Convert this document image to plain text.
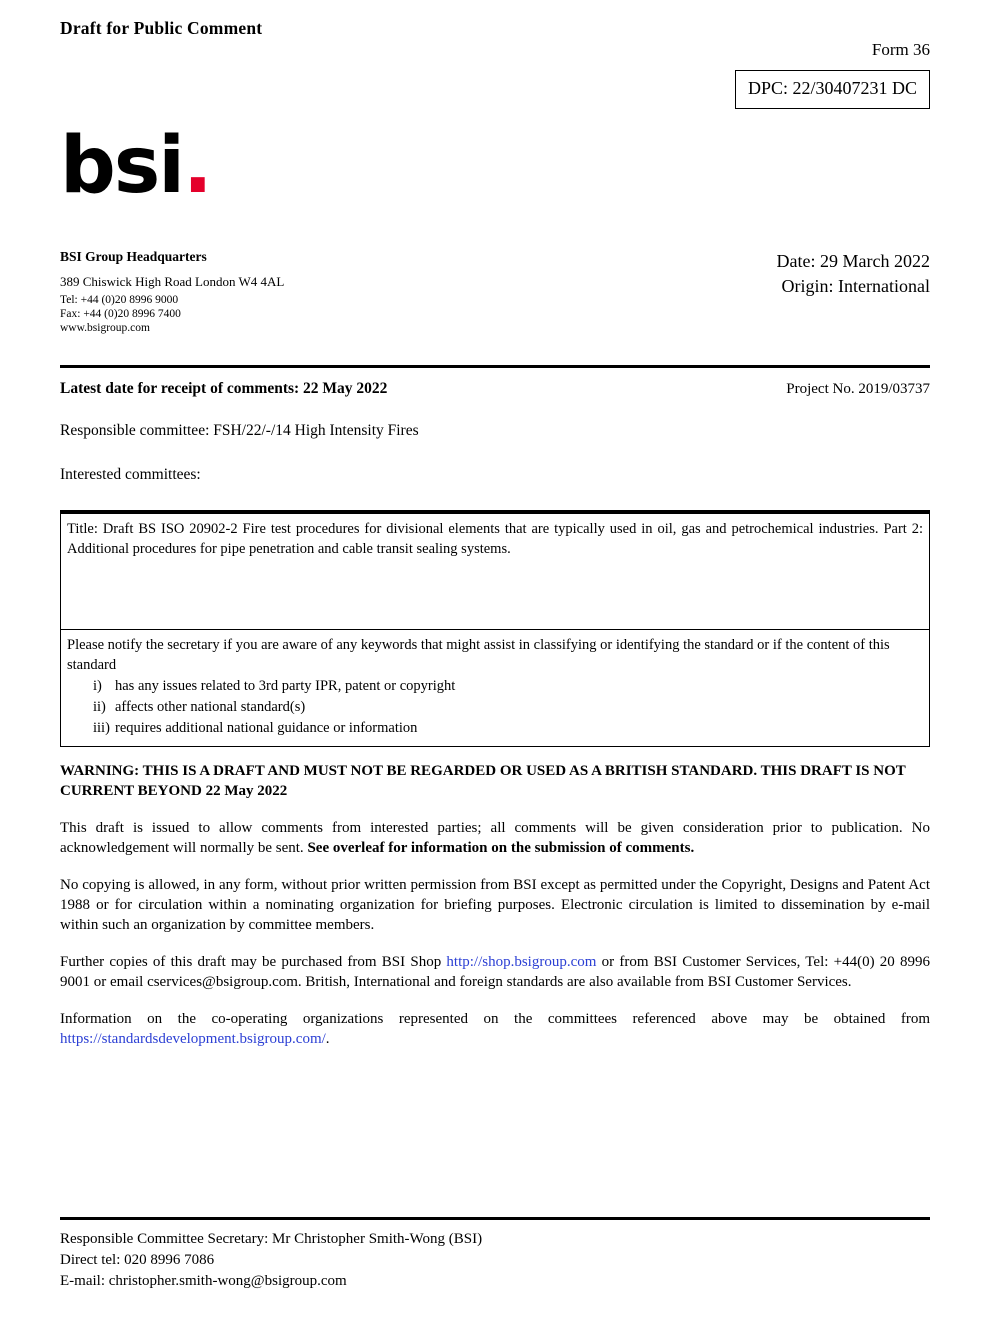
Draft for Public Comment
Form 36
DPC: 22/30407231 DC
bsi.
BSI Group Headquarters
389 Chiswick High Road London W4 4AL
Tel: +44 (0)20 8996 9000
Fax: +44 (0)20 8996 7400
www.bsigroup.com
Date: 29 March 2022
Origin: International
Latest date for receipt of comments: 22 May 2022	Project No. 2019/03737
Responsible committee: FSH/22/-/14 High Intensity Fires
Interested committees:
Title: Draft BS ISO 20902-2 Fire test procedures for divisional elements that are typically used in oil, gas and petrochemical industries. Part 2: Additional procedures for pipe penetration and cable transit sealing systems.
Please notify the secretary if you are aware of any keywords that might assist in classifying or identifying the standard or if the content of this standard
i) has any issues related to 3rd party IPR, patent or copyright
ii) affects other national standard(s)
iii) requires additional national guidance or information
WARNING: THIS IS A DRAFT AND MUST NOT BE REGARDED OR USED AS A BRITISH STANDARD. THIS DRAFT IS NOT CURRENT BEYOND 22 May 2022
This draft is issued to allow comments from interested parties; all comments will be given consideration prior to publication. No acknowledgement will normally be sent. See overleaf for information on the submission of comments.
No copying is allowed, in any form, without prior written permission from BSI except as permitted under the Copyright, Designs and Patent Act 1988 or for circulation within a nominating organization for briefing purposes. Electronic circulation is limited to dissemination by e-mail within such an organization by committee members.
Further copies of this draft may be purchased from BSI Shop http://shop.bsigroup.com or from BSI Customer Services, Tel: +44(0) 20 8996 9001 or email cservices@bsigroup.com. British, International and foreign standards are also available from BSI Customer Services.
Information on the co-operating organizations represented on the committees referenced above may be obtained from https://standardsdevelopment.bsigroup.com/.
Responsible Committee Secretary: Mr Christopher Smith-Wong (BSI)
Direct tel: 020 8996 7086
E-mail: christopher.smith-wong@bsigroup.com
